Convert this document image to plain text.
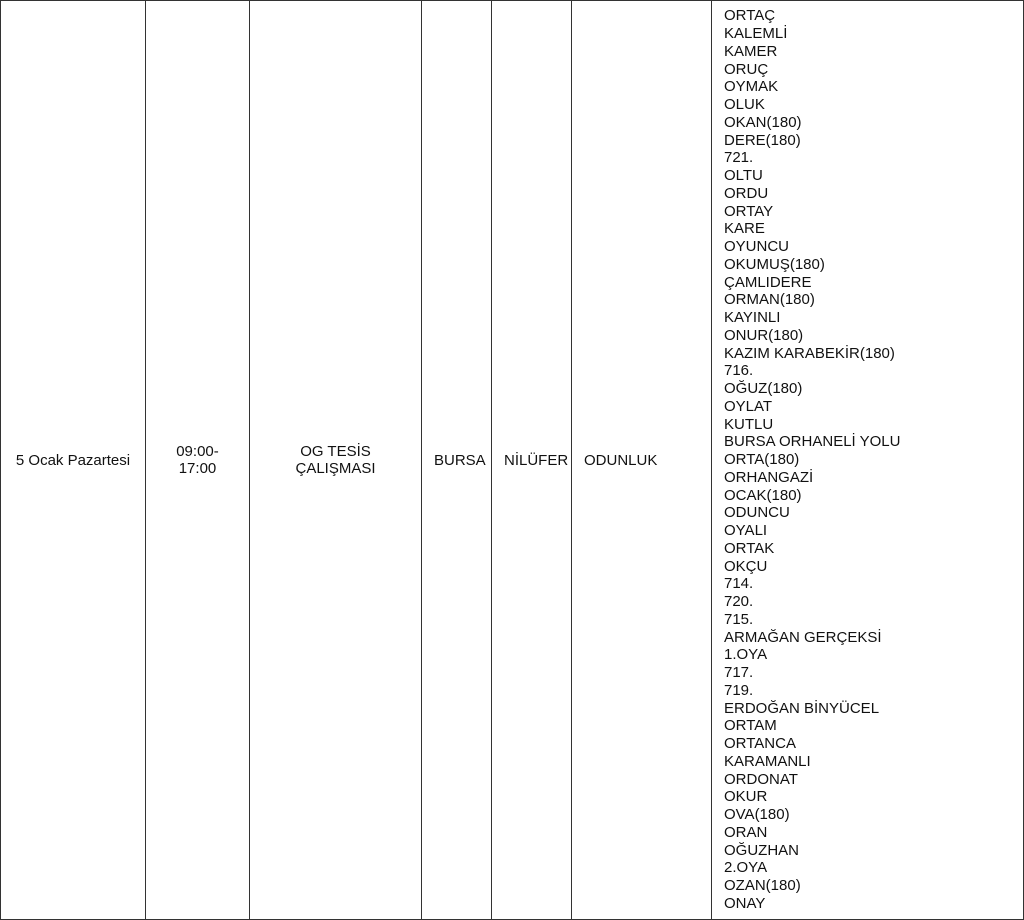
5 Ocak Pazartesi	09:00-17:00	OG TESİS ÇALIŞMASI	BURSA	NİLÜFER	ODUNLUK	
ORTAÇ
KALEMLİ
KAMER
ORUÇ
OYMAK
OLUK
OKAN(180)
DERE(180)
721.
OLTU
ORDU
ORTAY
KARE
OYUNCU
OKUMUŞ(180)
ÇAMLIDERE
ORMAN(180)
KAYINLI
ONUR(180)
KAZIM KARABEKİR(180)
716.
OĞUZ(180)
OYLAT
KUTLU
BURSA ORHANELİ YOLU
ORTA(180)
ORHANGAZİ
OCAK(180)
ODUNCU
OYALI
ORTAK
OKÇU
714.
720.
715.
ARMAĞAN GERÇEKSİ
1.OYA
717.
719.
ERDOĞAN BİNYÜCEL
ORTAM
ORTANCA
KARAMANLI
ORDONAT
OKUR
OVA(180)
ORAN
OĞUZHAN
2.OYA
OZAN(180)
ONAY
